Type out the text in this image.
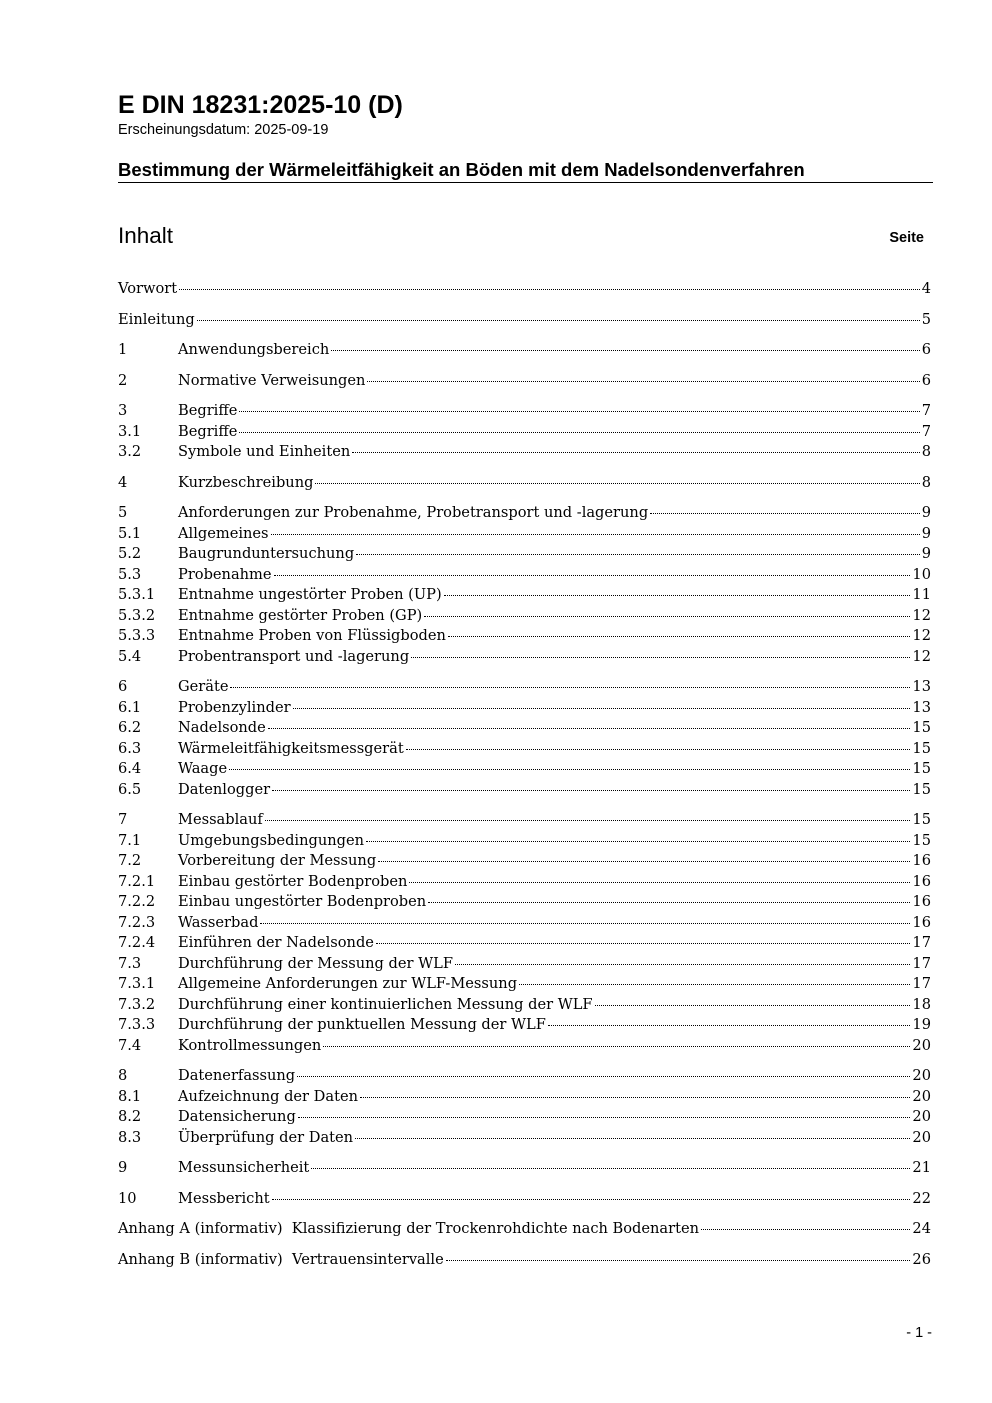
E DIN 18231:2025-10 (D)
Erscheinungsdatum: 2025-09-19
Bestimmung der Wärmeleitfähigkeit an Böden mit dem Nadelsondenverfahren
Inhalt	Seite
Vorwort	4
Einleitung	5
1	Anwendungsbereich	6
2	Normative Verweisungen	6
3	Begriffe	7
3.1	Begriffe	7
3.2	Symbole und Einheiten	8
4	Kurzbeschreibung	8
5	Anforderungen zur Probenahme, Probetransport und -lagerung	9
5.1	Allgemeines	9
5.2	Baugrunduntersuchung	9
5.3	Probenahme	10
5.3.1	Entnahme ungestörter Proben (UP)	11
5.3.2	Entnahme gestörter Proben (GP)	12
5.3.3	Entnahme Proben von Flüssigboden	12
5.4	Probentransport und -lagerung	12
6	Geräte	13
6.1	Probenzylinder	13
6.2	Nadelsonde	15
6.3	Wärmeleitfähigkeitsmessgerät	15
6.4	Waage	15
6.5	Datenlogger	15
7	Messablauf	15
7.1	Umgebungsbedingungen	15
7.2	Vorbereitung der Messung	16
7.2.1	Einbau gestörter Bodenproben	16
7.2.2	Einbau ungestörter Bodenproben	16
7.2.3	Wasserbad	16
7.2.4	Einführen der Nadelsonde	17
7.3	Durchführung der Messung der WLF	17
7.3.1	Allgemeine Anforderungen zur WLF-Messung	17
7.3.2	Durchführung einer kontinuierlichen Messung der WLF	18
7.3.3	Durchführung der punktuellen Messung der WLF	19
7.4	Kontrollmessungen	20
8	Datenerfassung	20
8.1	Aufzeichnung der Daten	20
8.2	Datensicherung	20
8.3	Überprüfung der Daten	20
9	Messunsicherheit	21
10	Messbericht	22
Anhang A (informativ)  Klassifizierung der Trockenrohdichte nach Bodenarten	24
Anhang B (informativ)  Vertrauensintervalle	26
- 1 -
